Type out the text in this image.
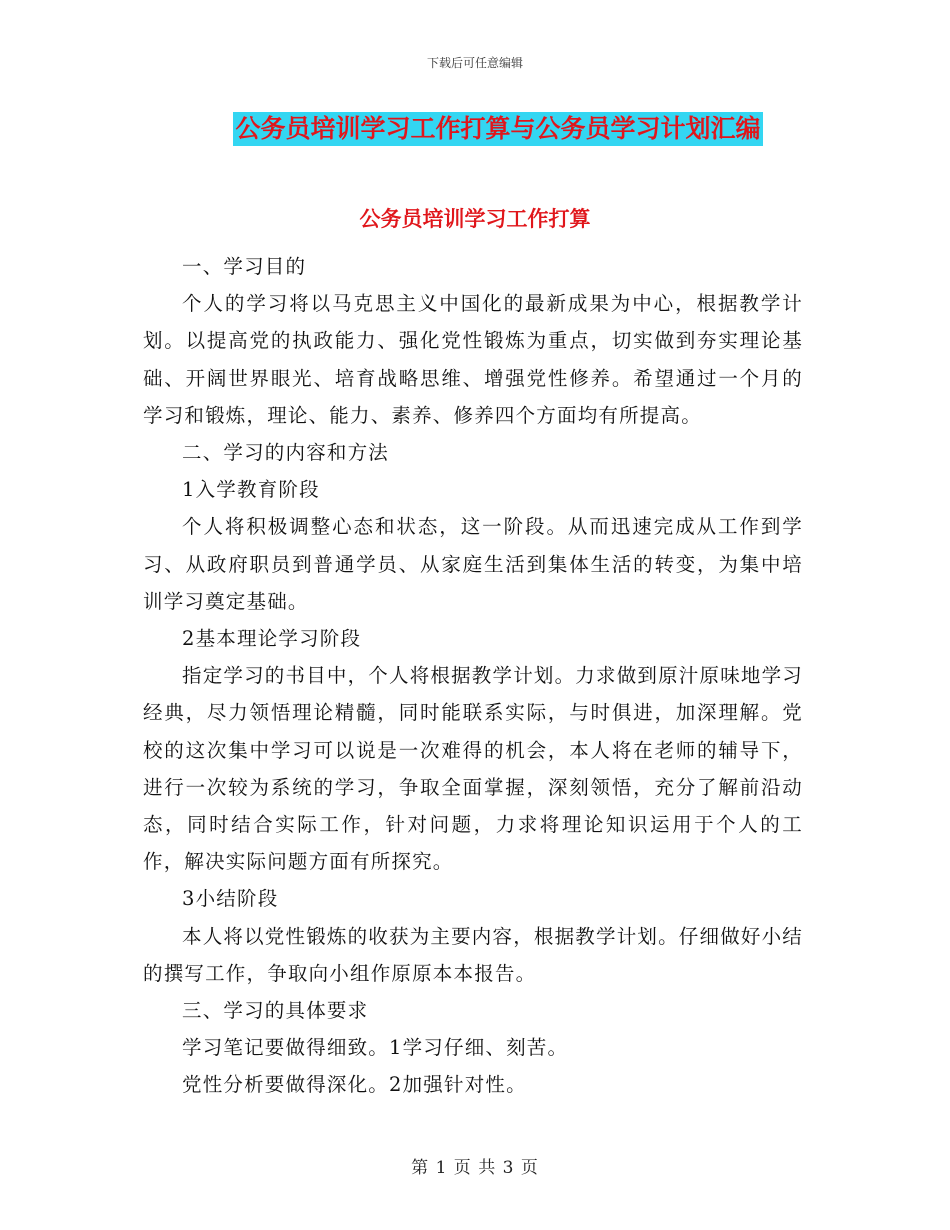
下载后可任意编辑
公务员培训学习工作打算与公务员学习计划汇编
公务员培训学习工作打算

一、学习目的

个人的学习将以马克思主义中国化的最新成果为中心，根据教学计划。以提高党的执政能力、强化党性锻炼为重点，切实做到夯实理论基础、开阔世界眼光、培育战略思维、增强党性修养。希望通过一个月的学习和锻炼，理论、能力、素养、修养四个方面均有所提高。

二、学习的内容和方法

1入学教育阶段

个人将积极调整心态和状态，这一阶段。从而迅速完成从工作到学习、从政府职员到普通学员、从家庭生活到集体生活的转变，为集中培训学习奠定基础。

2基本理论学习阶段

指定学习的书目中，个人将根据教学计划。力求做到原汁原味地学习经典，尽力领悟理论精髓，同时能联系实际，与时俱进，加深理解。党校的这次集中学习可以说是一次难得的机会，本人将在老师的辅导下，进行一次较为系统的学习，争取全面掌握，深刻领悟，充分了解前沿动态，同时结合实际工作，针对问题，力求将理论知识运用于个人的工作，解决实际问题方面有所探究。

3小结阶段

本人将以党性锻炼的收获为主要内容，根据教学计划。仔细做好小结的撰写工作，争取向小组作原原本本报告。

三、学习的具体要求

学习笔记要做得细致。1学习仔细、刻苦。

党性分析要做得深化。2加强针对性。

第 1 页 共 3 页
